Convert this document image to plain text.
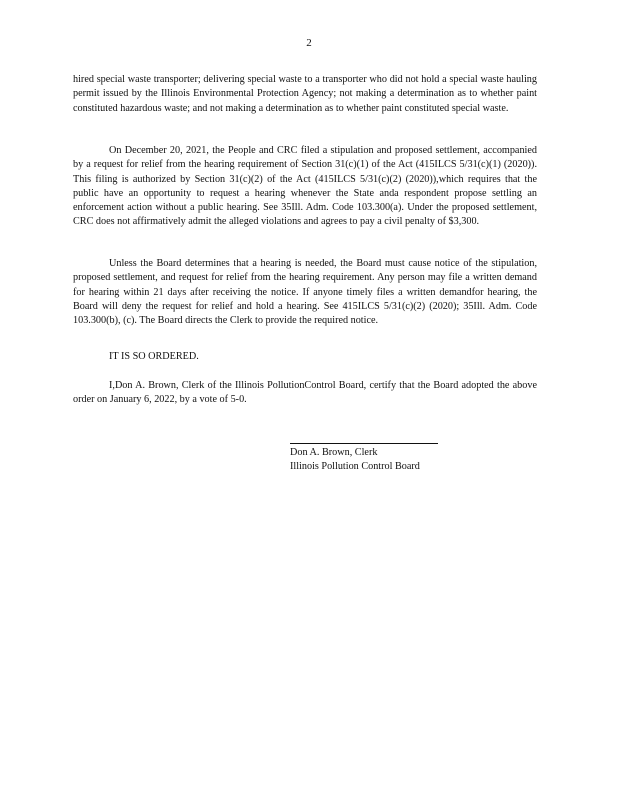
2

hired special waste transporter; delivering special waste to a transporter who did not hold a special waste hauling permit issued by the Illinois Environmental Protection Agency; not making a determination as to whether paint constituted hazardous waste; and not making a determination as to whether paint constituted special waste.

On December 20, 2021, the People and CRC filed a stipulation and proposed settlement, accompanied by a request for relief from the hearing requirement of Section 31(c)(1) of the Act (415ILCS 5/31(c)(1) (2020)). This filing is authorized by Section 31(c)(2) of the Act (415ILCS 5/31(c)(2) (2020)),which requires that the public have an opportunity to request a hearing whenever the State anda respondent propose settling an enforcement action without a public hearing. See 35Ill. Adm. Code 103.300(a). Under the proposed settlement, CRC does not affirmatively admit the alleged violations and agrees to pay a civil penalty of $3,300.

Unless the Board determines that a hearing is needed, the Board must cause notice of the stipulation, proposed settlement, and request for relief from the hearing requirement. Any person may file a written demand for hearing within 21 days after receiving the notice. If anyone timely files a written demandfor hearing, the Board will deny the request for relief and hold a hearing. See 415ILCS 5/31(c)(2) (2020); 35Ill. Adm. Code 103.300(b), (c). The Board directs the Clerk to provide the required notice.

IT IS SO ORDERED.

I,Don A. Brown, Clerk of the Illinois PollutionControl Board, certify that the Board adopted the above order on January 6, 2022, by a vote of 5-0.

Don A. Brown, Clerk
Illinois Pollution Control Board
